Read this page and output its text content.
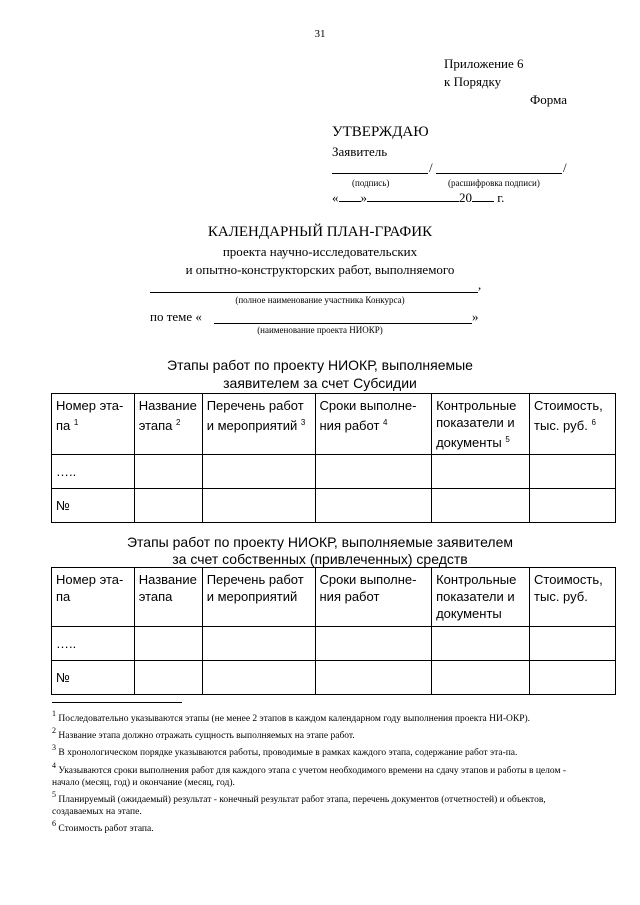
31
Приложение 6
к Порядку
Форма
УТВЕРЖДАЮ
Заявитель
/	/
(подпись)	(расшифровка подписи)
« »	20 г.
КАЛЕНДАРНЫЙ ПЛАН-ГРАФИК
проекта научно-исследовательских
и опытно-конструкторских работ, выполняемого
,
(полное наименование участника Конкурса)
по теме «	»
(наименование проекта НИОКР)
Этапы работ по проекту НИОКР, выполняемые
заявителем за счет Субсидии
Номер эта-па $^1$	Название этапа $^2$	Перечень работ и мероприятий $^3$	Сроки выполне-ния работ $^4$	Контрольные показатели и документы $^5$	Стоимость, тыс. руб. $^6$
…..					
№					
Этапы работ по проекту НИОКР, выполняемые заявителем
за счет собственных (привлеченных) средств
Номер эта-па	Название этапа	Перечень работ и мероприятий	Сроки выполне-ния работ	Контрольные показатели и документы	Стоимость, тыс. руб.
…..					
№					
$^1$ Последовательно указываются этапы (не менее 2 этапов в каждом календарном году выполнения проекта НИ-ОКР).
$^2$ Название этапа должно отражать сущность выполняемых на этапе работ.
$^3$ В хронологическом порядке указываются работы, проводимые в рамках каждого этапа, содержание работ эта-па.
$^4$ Указываются сроки выполнения работ для каждого этапа с учетом необходимого времени на сдачу этапов и работы в целом - начало (месяц, год) и окончание (месяц, год).
$^5$ Планируемый (ожидаемый) результат - конечный результат работ этапа, перечень документов (отчетностей) и объектов, создаваемых на этапе.
$^6$ Стоимость работ этапа.
